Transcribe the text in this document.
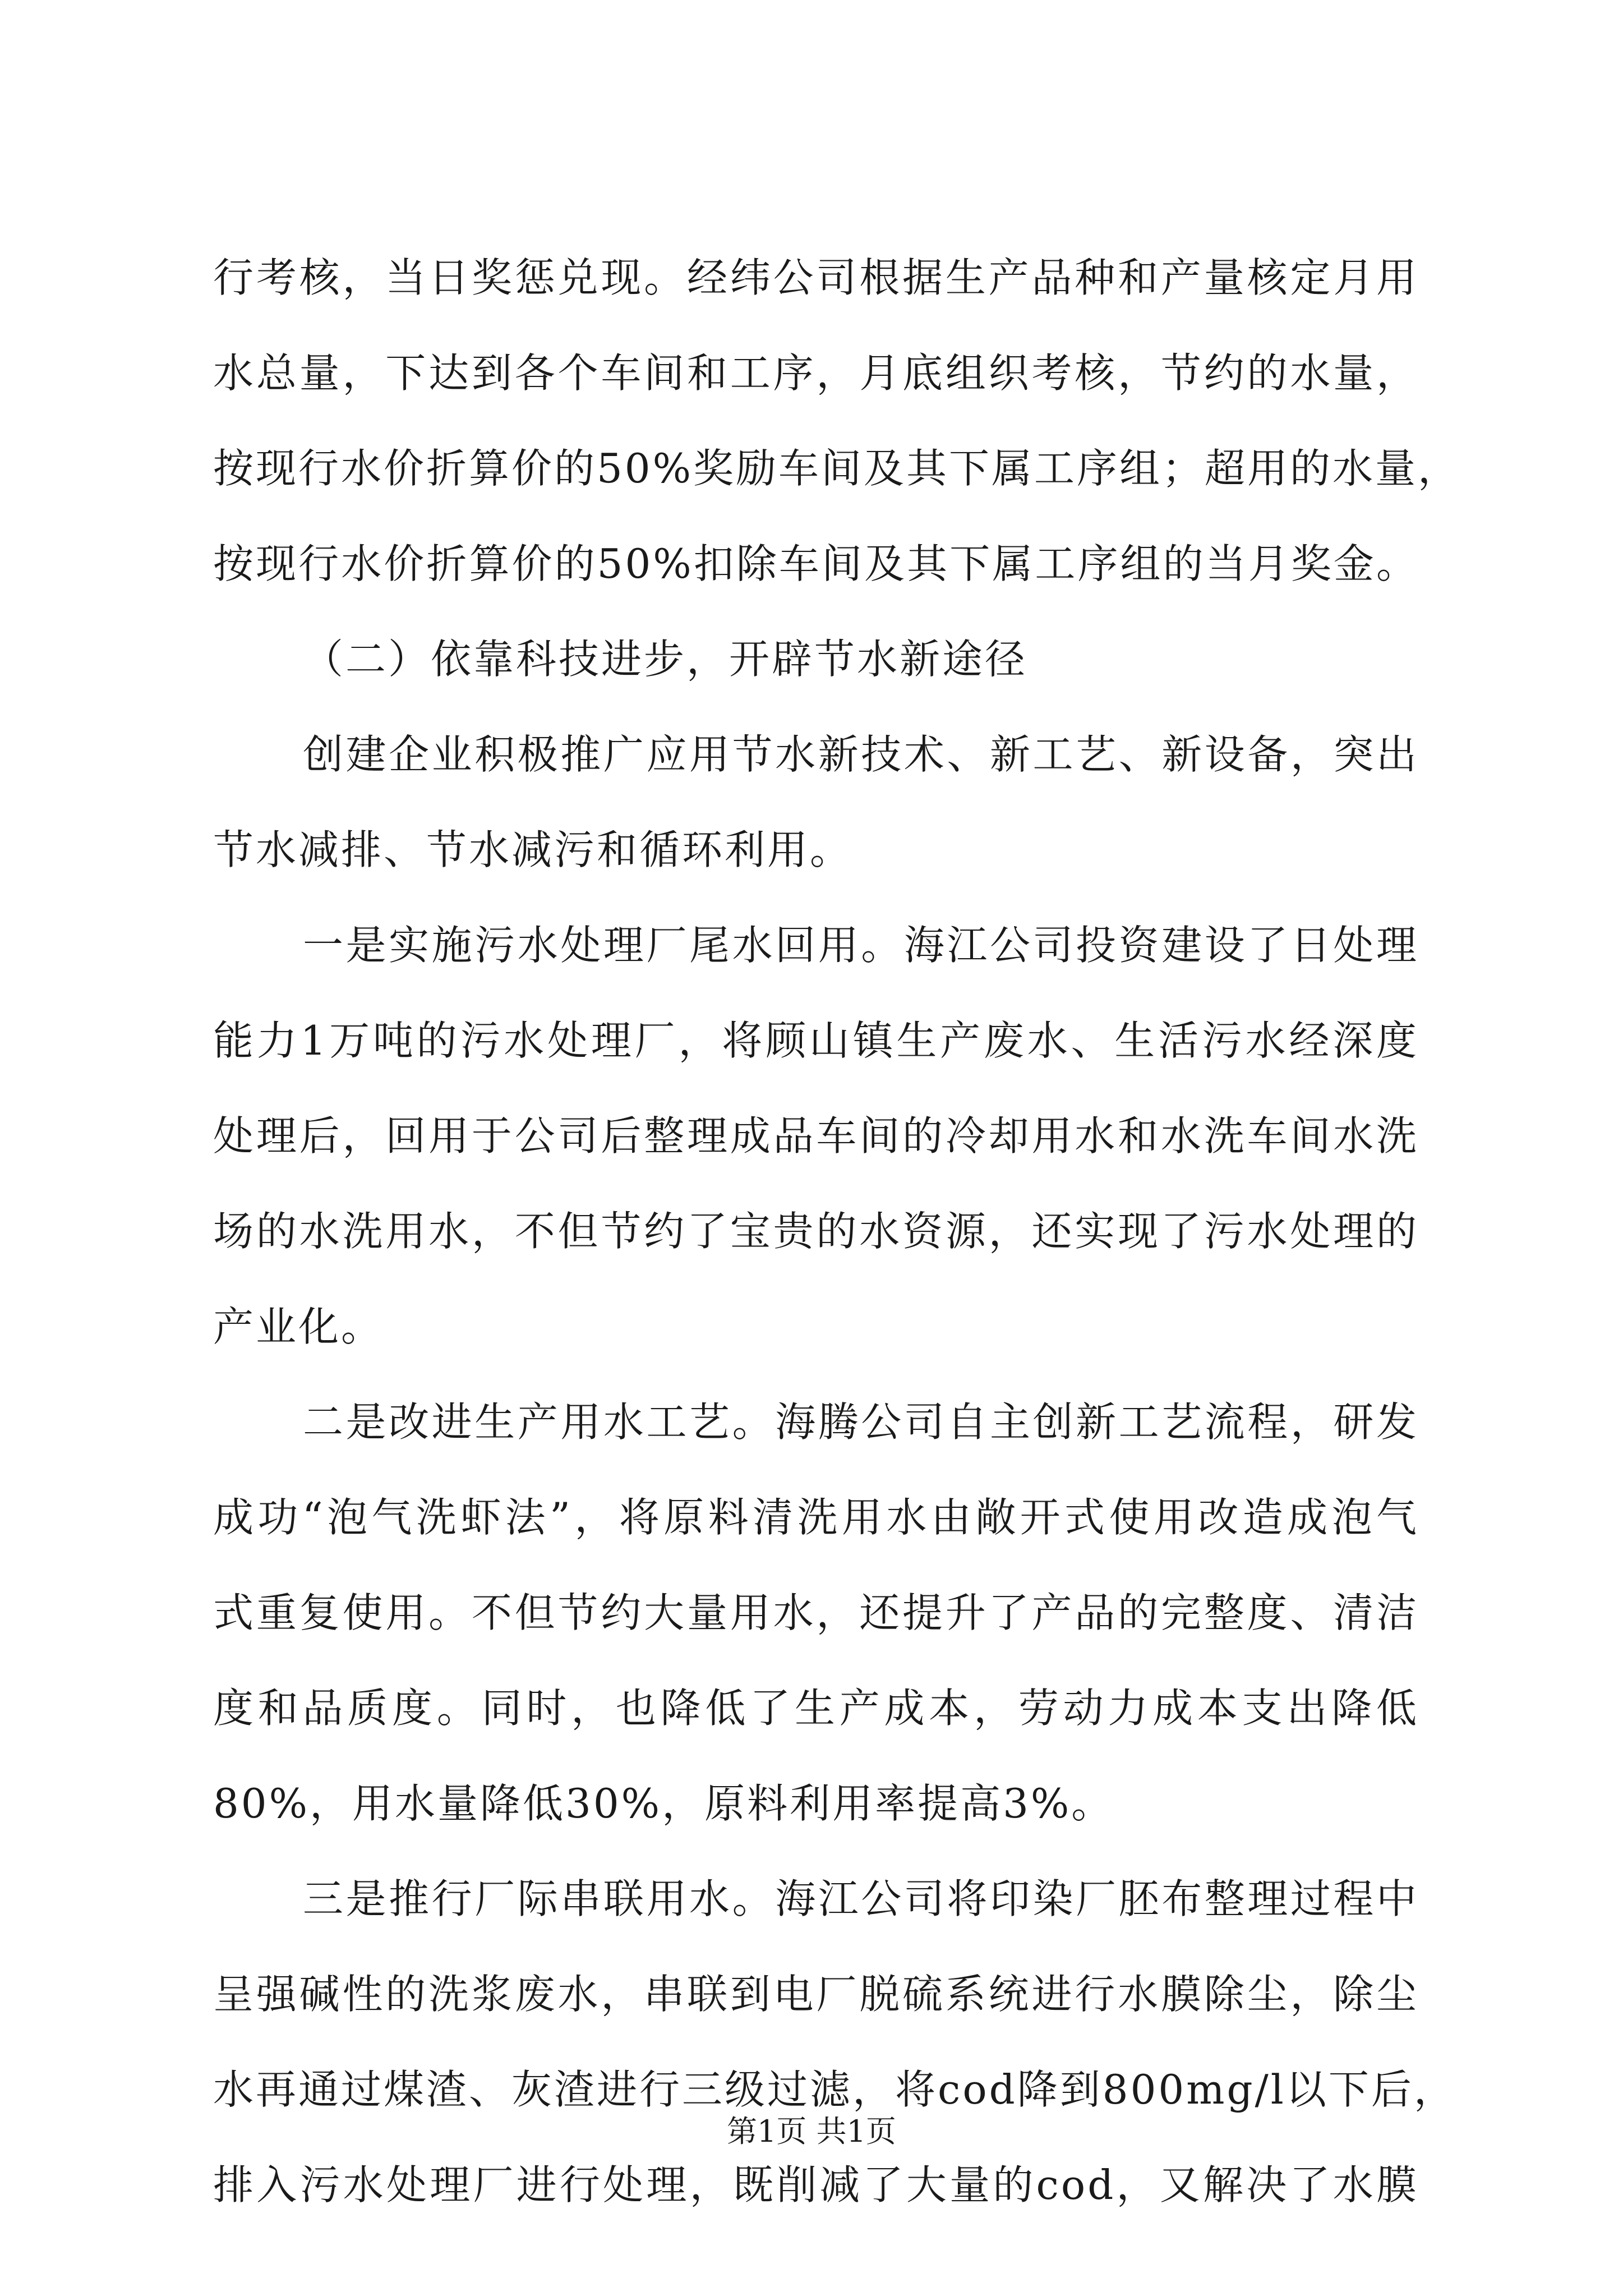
行考核，当日奖惩兑现。经纬公司根据生产品种和产量核定月用
水总量，下达到各个车间和工序，月底组织考核，节约的水量，
按现行水价折算价的50%奖励车间及其下属工序组；超用的水量，
按现行水价折算价的50%扣除车间及其下属工序组的当月奖金。
（二）依靠科技进步，开辟节水新途径
创建企业积极推广应用节水新技术、新工艺、新设备，突出
节水减排、节水减污和循环利用。
一是实施污水处理厂尾水回用。海江公司投资建设了日处理
能力1万吨的污水处理厂，将顾山镇生产废水、生活污水经深度
处理后，回用于公司后整理成品车间的冷却用水和水洗车间水洗
场的水洗用水，不但节约了宝贵的水资源，还实现了污水处理的
产业化。
二是改进生产用水工艺。海腾公司自主创新工艺流程，研发
成功“泡气洗虾法”，将原料清洗用水由敞开式使用改造成泡气
式重复使用。不但节约大量用水，还提升了产品的完整度、清洁
度和品质度。同时，也降低了生产成本，劳动力成本支出降低
80%，用水量降低30%，原料利用率提高3%。
三是推行厂际串联用水。海江公司将印染厂胚布整理过程中
呈强碱性的洗浆废水，串联到电厂脱硫系统进行水膜除尘，除尘
水再通过煤渣、灰渣进行三级过滤，将cod降到800mg/l以下后，
排入污水处理厂进行处理，既削减了大量的cod，又解决了水膜
第1页 共1页
